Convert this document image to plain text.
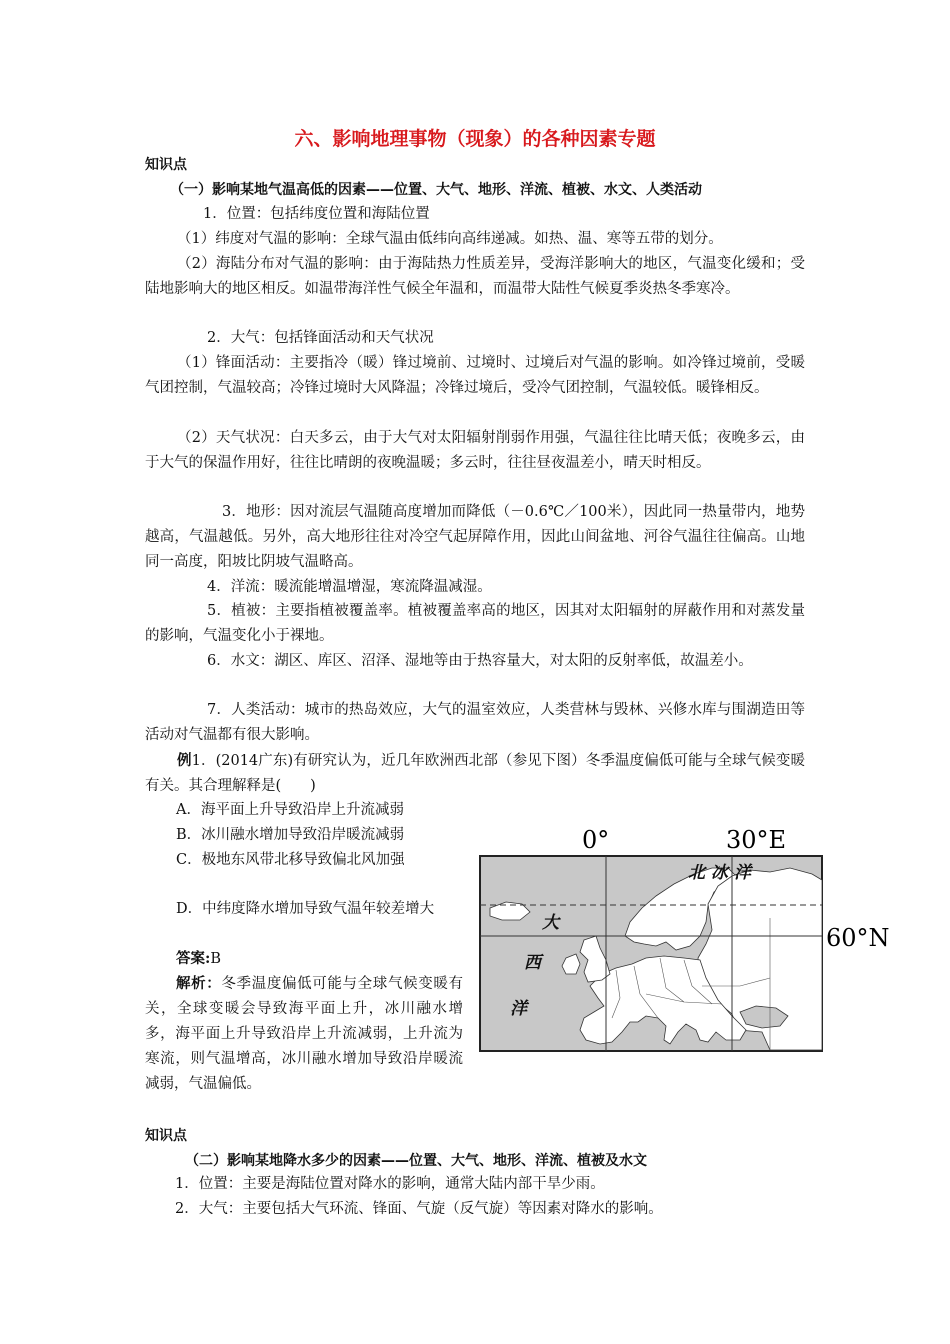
六、影响地理事物（现象）的各种因素专题

知识点

（一）影响某地气温高低的因素——位置、大气、地形、洋流、植被、水文、人类活动

1．位置：包括纬度位置和海陆位置

（1）纬度对气温的影响：全球气温由低纬向高纬递减。如热、温、寒等五带的划分。

（2）海陆分布对气温的影响：由于海陆热力性质差异，受海洋影响大的地区，气温变化缓和；受陆地影响大的地区相反。如温带海洋性气候全年温和，而温带大陆性气候夏季炎热冬季寒冷。

2．大气：包括锋面活动和天气状况

（1）锋面活动：主要指冷（暖）锋过境前、过境时、过境后对气温的影响。如冷锋过境前，受暖气团控制，气温较高；冷锋过境时大风降温；冷锋过境后，受冷气团控制，气温较低。暖锋相反。

（2）天气状况：白天多云，由于大气对太阳辐射削弱作用强，气温往往比晴天低；夜晚多云，由于大气的保温作用好，往往比晴朗的夜晚温暖；多云时，往往昼夜温差小，晴天时相反。

3．地形：因对流层气温随高度增加而降低（－0.6℃／100米），因此同一热量带内，地势越高，气温越低。另外，高大地形往往对冷空气起屏障作用，因此山间盆地、河谷气温往往偏高。山地同一高度，阳坡比阴坡气温略高。

4．洋流：暖流能增温增湿，寒流降温减湿。

5．植被：主要指植被覆盖率。植被覆盖率高的地区，因其对太阳辐射的屏蔽作用和对蒸发量的影响，气温变化小于裸地。

6．水文：湖区、库区、沼泽、湿地等由于热容量大，对太阳的反射率低，故温差小。

7．人类活动：城市的热岛效应，大气的温室效应，人类营林与毁林、兴修水库与围湖造田等活动对气温都有很大影响。

例1．(2014广东)有研究认为，近几年欧洲西北部（参见下图）冬季温度偏低可能与全球气候变暖有关。其合理解释是(　　)

A．海平面上升导致沿岸上升流减弱

B．冰川融水增加导致沿岸暖流减弱

C．极地东风带北移导致偏北风加强

D．中纬度降水增加导致气温年较差增大

答案:B

解析：冬季温度偏低可能与全球气候变暖有关，全球变暖会导致海平面上升，冰川融水增多，海平面上升导致沿岸上升流减弱，上升流为寒流，则气温增高，冰川融水增加导致沿岸暖流减弱，气温偏低。

0°	30°E
60°N
北 冰 洋
大
西
洋

知识点

（二）影响某地降水多少的因素——位置、大气、地形、洋流、植被及水文

1．位置：主要是海陆位置对降水的影响，通常大陆内部干旱少雨。

2．大气：主要包括大气环流、锋面、气旋（反气旋）等因素对降水的影响。
